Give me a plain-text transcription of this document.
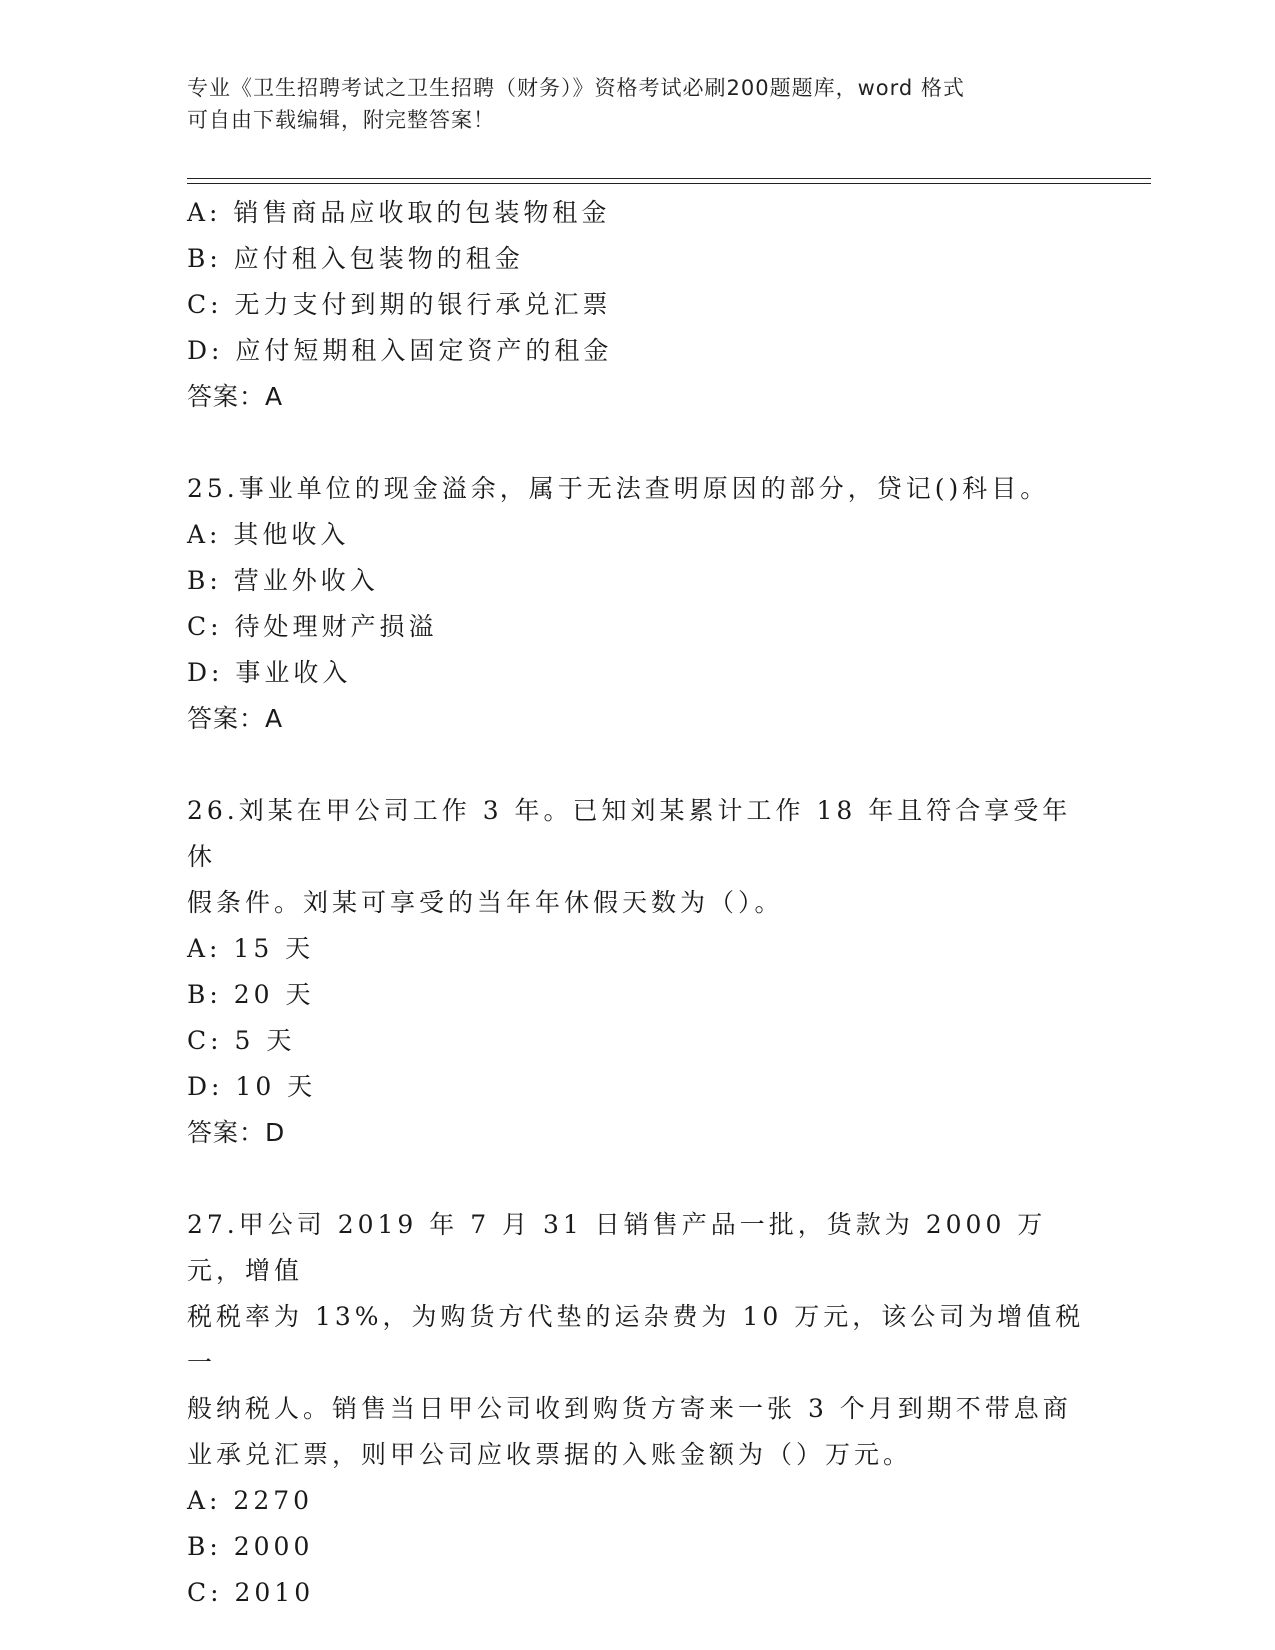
专业《卫生招聘考试之卫生招聘（财务）》资格考试必刷200题题库，word 格式
可自由下载编辑，附完整答案！
A: 销售商品应收取的包装物租金
B: 应付租入包装物的租金
C: 无力支付到期的银行承兑汇票
D: 应付短期租入固定资产的租金
答案：A
25.事业单位的现金溢余，属于无法查明原因的部分，贷记()科目。
A: 其他收入
B: 营业外收入
C: 待处理财产损溢
D: 事业收入
答案：A
26.刘某在甲公司工作 3 年。已知刘某累计工作 18 年且符合享受年休
假条件。刘某可享受的当年年休假天数为（）。
A: 15 天
B: 20 天
C: 5 天
D: 10 天
答案：D
27.甲公司 2019 年 7 月 31 日销售产品一批，货款为 2000 万元，增值
税税率为 13%，为购货方代垫的运杂费为 10 万元，该公司为增值税一
般纳税人。销售当日甲公司收到购货方寄来一张 3 个月到期不带息商
业承兑汇票，则甲公司应收票据的入账金额为（）万元。
A: 2270
B: 2000
C: 2010
